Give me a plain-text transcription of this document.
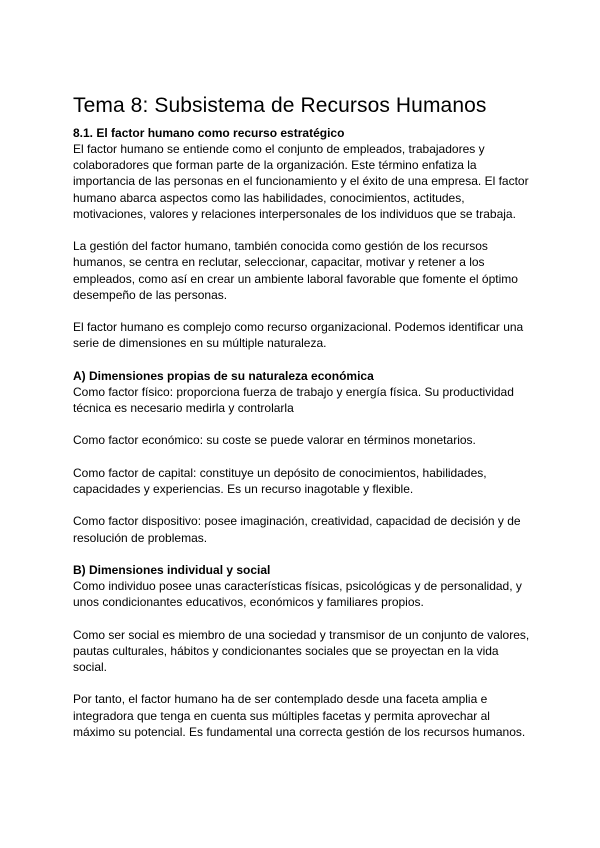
Tema 8: Subsistema de Recursos Humanos
8.1. El factor humano como recurso estratégico

El factor humano se entiende como el conjunto de empleados, trabajadores y colaboradores que forman parte de la organización. Este término enfatiza la importancia de las personas en el funcionamiento y el éxito de una empresa. El factor humano abarca aspectos como las habilidades, conocimientos, actitudes, motivaciones, valores y relaciones interpersonales de los individuos que se trabaja.

La gestión del factor humano, también conocida como gestión de los recursos humanos, se centra en reclutar, seleccionar, capacitar, motivar y retener a los empleados, como así en crear un ambiente laboral favorable que fomente el óptimo desempeño de las personas.

El factor humano es complejo como recurso organizacional. Podemos identificar una serie de dimensiones en su múltiple naturaleza.

A) Dimensiones propias de su naturaleza económica

Como factor físico: proporciona fuerza de trabajo y energía física. Su productividad técnica es necesario medirla y controlarla

Como factor económico: su coste se puede valorar en términos monetarios.

Como factor de capital: constituye un depósito de conocimientos, habilidades, capacidades y experiencias. Es un recurso inagotable y flexible.

Como factor dispositivo: posee imaginación, creatividad, capacidad de decisión y de resolución de problemas.

B) Dimensiones individual y social

Como individuo posee unas características físicas, psicológicas y de personalidad, y unos condicionantes educativos, económicos y familiares propios.

Como ser social es miembro de una sociedad y transmisor de un conjunto de valores, pautas culturales, hábitos y condicionantes sociales que se proyectan en la vida social.

Por tanto, el factor humano ha de ser contemplado desde una faceta amplia e integradora que tenga en cuenta sus múltiples facetas y permita aprovechar al máximo su potencial. Es fundamental una correcta gestión de los recursos humanos.
